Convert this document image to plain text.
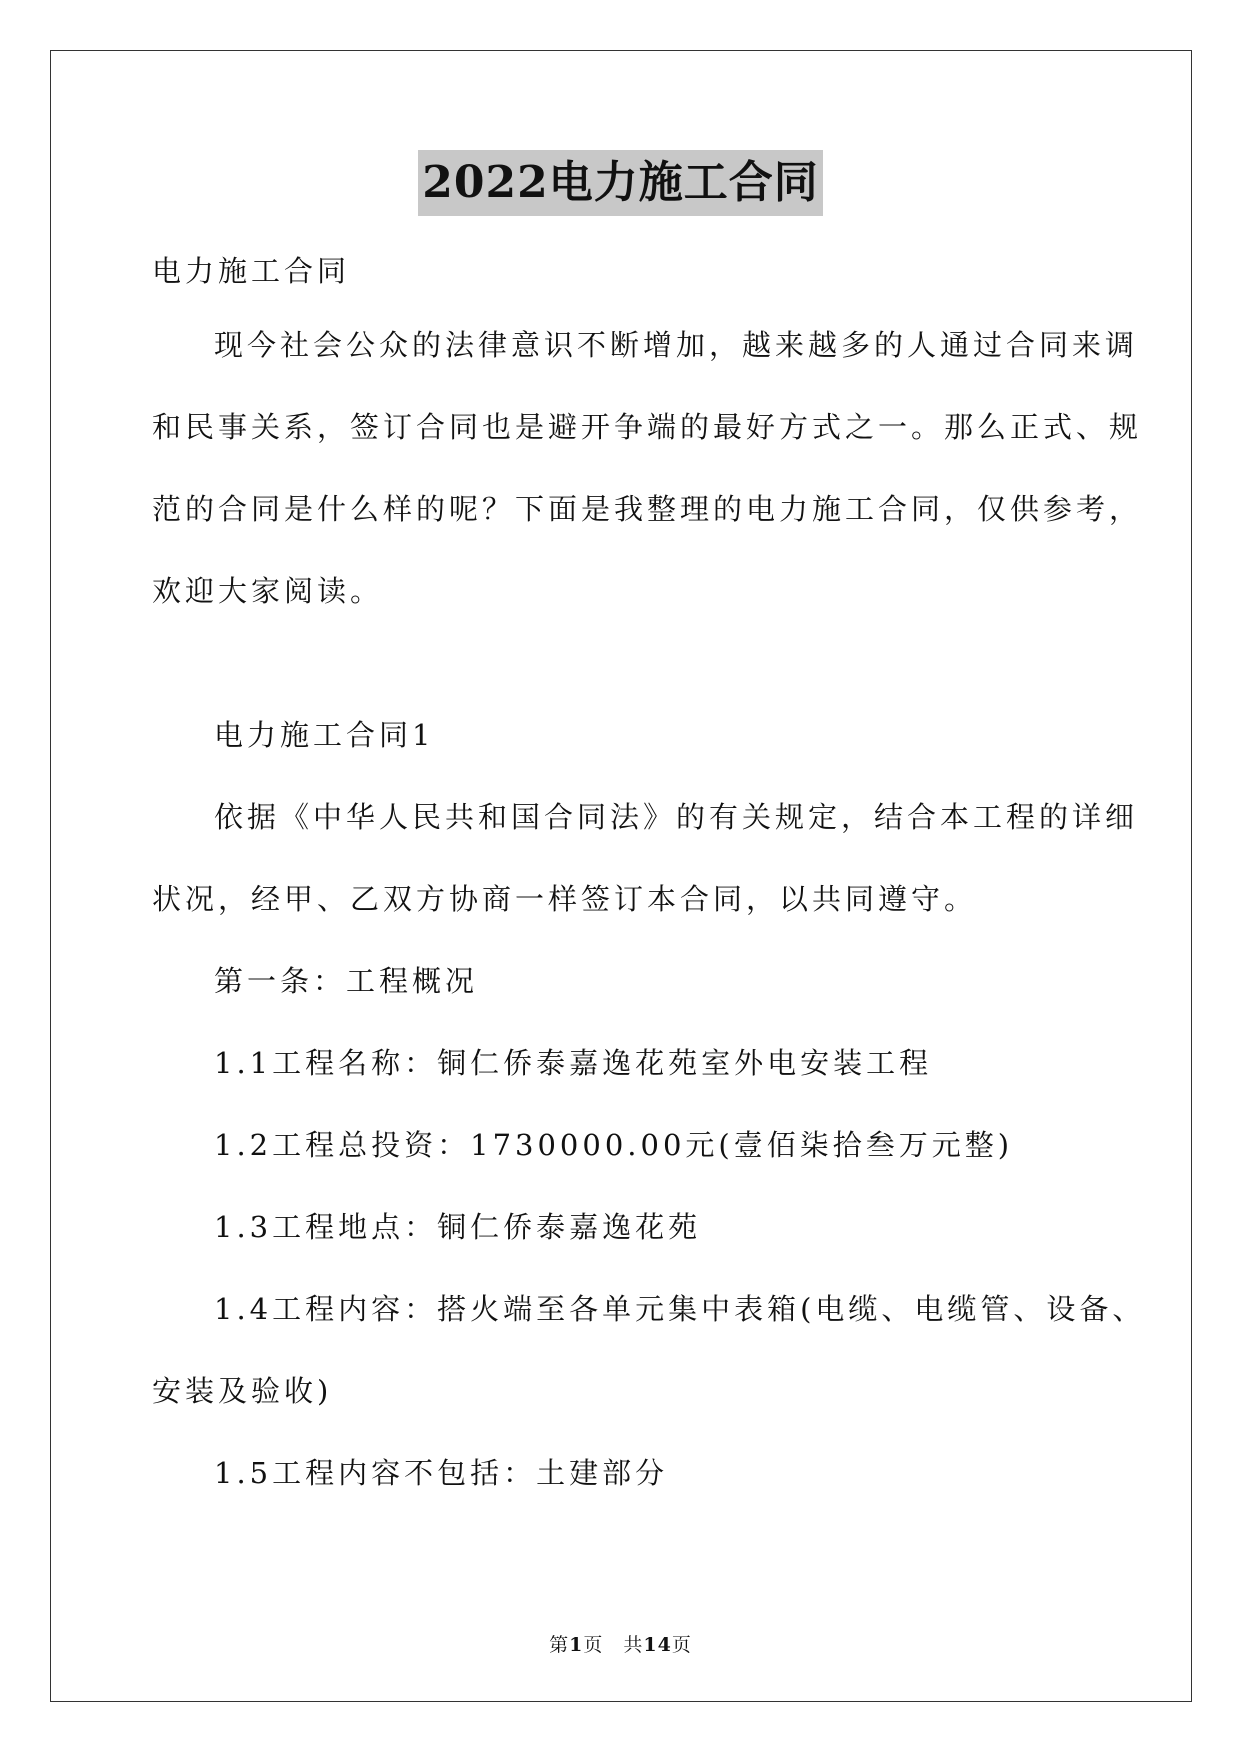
2022电力施工合同

电力施工合同

现今社会公众的法律意识不断增加，越来越多的人通过合同来调
和民事关系，签订合同也是避开争端的最好方式之一。那么正式、规
范的合同是什么样的呢？下面是我整理的电力施工合同，仅供参考，
欢迎大家阅读。

电力施工合同1

依据《中华人民共和国合同法》的有关规定，结合本工程的详细
状况，经甲、乙双方协商一样签订本合同，以共同遵守。

第一条：工程概况

1.1工程名称：铜仁侨泰嘉逸花苑室外电安装工程

1.2工程总投资：1730000.00元(壹佰柒拾叁万元整)

1.3工程地点：铜仁侨泰嘉逸花苑

1.4工程内容：搭火端至各单元集中表箱(电缆、电缆管、设备、
安装及验收)

1.5工程内容不包括：土建部分

第1页　共14页
